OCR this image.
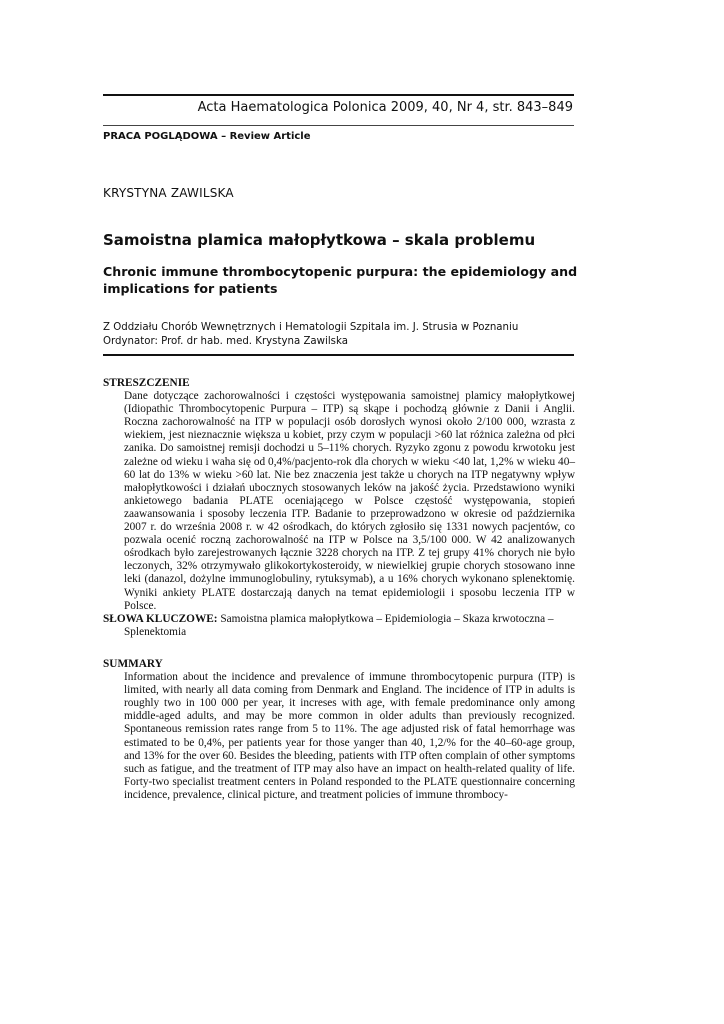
Acta Haematologica Polonica 2009, 40, Nr 4, str. 843–849
PRACA POGLĄDOWA – Review Article
KRYSTYNA ZAWILSKA
Samoistna plamica małopłytkowa – skala problemu
Chronic immune thrombocytopenic purpura: the epidemiology and implications for patients
Z Oddziału Chorób Wewnętrznych i Hematologii Szpitala im. J. Strusia w Poznaniu
Ordynator: Prof. dr hab. med. Krystyna Zawilska
STRESZCZENIE
Dane dotyczące zachorowalności i częstości występowania samoistnej plamicy małopłytkowej (Idiopathic Thrombocytopenic Purpura – ITP) są skąpe i pochodzą głównie z Danii i Anglii. Roczna zachorowalność na ITP w populacji osób dorosłych wynosi około 2/100 000, wzrasta z wiekiem, jest nieznacznie większa u kobiet, przy czym w populacji >60 lat różnica zależna od płci zanika. Do samoistnej remisji dochodzi u 5–11% chorych. Ryzyko zgonu z powodu krwotoku jest zależne od wieku i waha się od 0,4%/pacjento-rok dla chorych w wieku <40 lat, 1,2% w wieku 40–60 lat do 13% w wieku >60 lat. Nie bez znaczenia jest także u chorych na ITP negatywny wpływ małopłytkowości i działań ubocznych stosowanych leków na jakość życia. Przedstawiono wyniki ankietowego badania PLATE oceniającego w Polsce częstość występowania, stopień zaawansowania i sposoby leczenia ITP. Badanie to przeprowadzono w okresie od października 2007 r. do września 2008 r. w 42 ośrodkach, do których zgłosiło się 1331 nowych pacjentów, co pozwala ocenić roczną zachorowalność na ITP w Polsce na 3,5/100 000. W 42 analizowanych ośrodkach było zarejestrowanych łącznie 3228 chorych na ITP. Z tej grupy 41% chorych nie było leczonych, 32% otrzymywało glikokortykosteroidy, w niewielkiej grupie chorych stosowano inne leki (danazol, dożylne immunoglobuliny, rytuksymab), a u 16% chorych wykonano splenektomię. Wyniki ankiety PLATE dostarczają danych na temat epidemiologii i sposobu leczenia ITP w Polsce.
SŁOWA KLUCZOWE: Samoistna plamica małopłytkowa – Epidemiologia – Skaza krwotoczna –
Splenektomia
SUMMARY
Information about the incidence and prevalence of immune thrombocytopenic purpura (ITP) is limited, with nearly all data coming from Denmark and England. The incidence of ITP in adults is roughly two in 100 000 per year, it increses with age, with female predominance only among middle-aged adults, and may be more common in older adults than previously recognized. Spontaneous remission rates range from 5 to 11%. The age adjusted risk of fatal hemorrhage was estimated to be 0,4%, per patients year for those yanger than 40, 1,2/% for the 40–60-age group, and 13% for the over 60. Besides the bleeding, patients with ITP often complain of other symptoms such as fatigue, and the treatment of ITP may also have an impact on health-related quality of life. Forty-two specialist treatment centers in Poland responded to the PLATE questionnaire concerning incidence, prevalence, clinical picture, and treatment policies of immune thrombocy-
